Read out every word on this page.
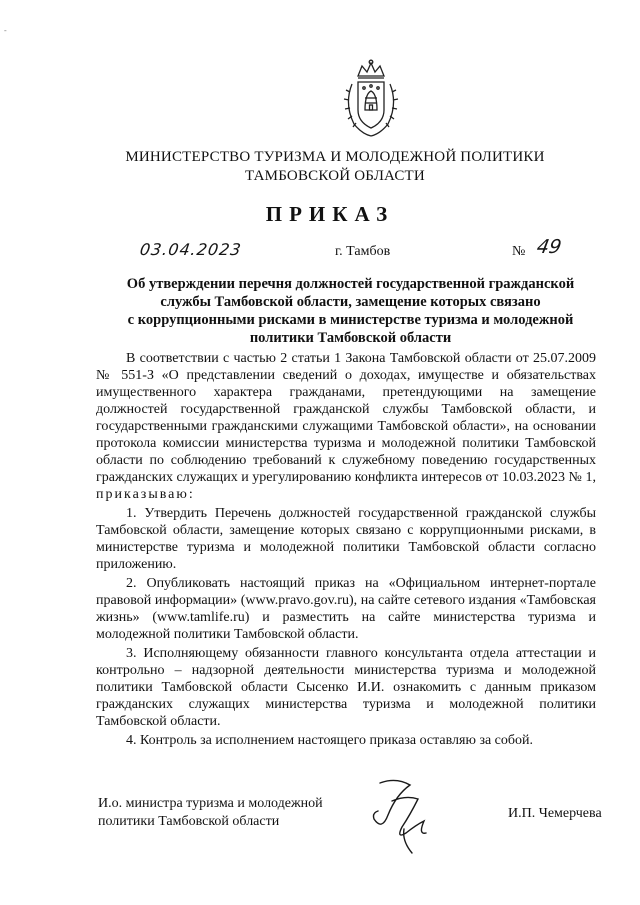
-
МИНИСТЕРСТВО ТУРИЗМА И МОЛОДЕЖНОЙ ПОЛИТИКИ
ТАМБОВСКОЙ ОБЛАСТИ
ПРИКАЗ
03.04.2023	г. Тамбов	№ 49
Об утверждении перечня должностей государственной гражданской
службы Тамбовской области, замещение которых связано
с коррупционными рисками в министерстве туризма и молодежной
политики Тамбовской области

В соответствии с частью 2 статьи 1 Закона Тамбовской области от 25.07.2009 № 551-З «О представлении сведений о доходах, имуществе и обязательствах имущественного характера гражданами, претендующими на замещение должностей государственной гражданской службы Тамбовской области, и государственными гражданскими служащими Тамбовской области», на основании протокола комиссии министерства туризма и молодежной политики Тамбовской области по соблюдению требований к служебному поведению государственных гражданских служащих и урегулированию конфликта интересов от 10.03.2023 № 1, приказываю:

1. Утвердить Перечень должностей государственной гражданской службы Тамбовской области, замещение которых связано с коррупционными рисками, в министерстве туризма и молодежной политики Тамбовской области согласно приложению.

2. Опубликовать настоящий приказ на «Официальном интернет-портале правовой информации» (www.pravo.gov.ru), на сайте сетевого издания «Тамбовская жизнь» (www.tamlife.ru) и разместить на сайте министерства туризма и молодежной политики Тамбовской области.

3. Исполняющему обязанности главного консультанта отдела аттестации и контрольно – надзорной деятельности министерства туризма и молодежной политики Тамбовской области Сысенко И.И. ознакомить с данным приказом гражданских служащих министерства туризма и молодежной политики Тамбовской области.

4. Контроль за исполнением настоящего приказа оставляю за собой.

И.о. министра туризма и молодежной
политики Тамбовской области
И.П. Чемерчева
